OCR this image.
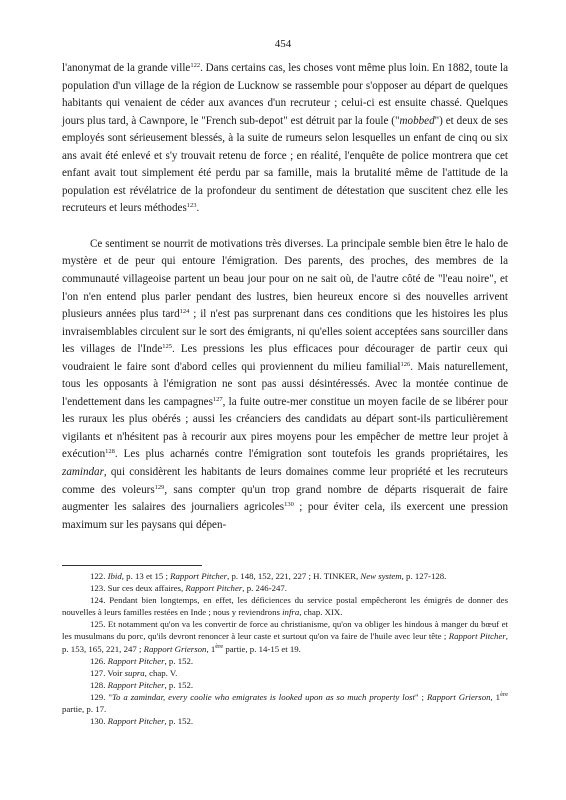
454

l'anonymat de la grande ville$^{122}$. Dans certains cas, les choses vont même plus loin. En 1882, toute la population d'un village de la région de Lucknow se rassemble pour s'opposer au départ de quelques habitants qui venaient de céder aux avances d'un recruteur ; celui-ci est ensuite chassé. Quelques jours plus tard, à Cawnpore, le "French sub-depot" est détruit par la foule ("mobbed") et deux de ses employés sont sérieusement blessés, à la suite de rumeurs selon lesquelles un enfant de cinq ou six ans avait été enlevé et s'y trouvait retenu de force ; en réalité, l'enquête de police montrera que cet enfant avait tout simplement été perdu par sa famille, mais la brutalité même de l'attitude de la population est révélatrice de la profondeur du sentiment de détestation que suscitent chez elle les recruteurs et leurs méthodes$^{123}$.

Ce sentiment se nourrit de motivations très diverses. La principale semble bien être le halo de mystère et de peur qui entoure l'émigration. Des parents, des proches, des membres de la communauté villageoise partent un beau jour pour on ne sait où, de l'autre côté de "l'eau noire", et l'on n'en entend plus parler pendant des lustres, bien heureux encore si des nouvelles arrivent plusieurs années plus tard$^{124}$ ; il n'est pas surprenant dans ces conditions que les histoires les plus invraisemblables circulent sur le sort des émigrants, ni qu'elles soient acceptées sans sourciller dans les villages de l'Inde$^{125}$. Les pressions les plus efficaces pour décourager de partir ceux qui voudraient le faire sont d'abord celles qui proviennent du milieu familial$^{126}$. Mais naturellement, tous les opposants à l'émigration ne sont pas aussi désintéressés. Avec la montée continue de l'endettement dans les campagnes$^{127}$, la fuite outre-mer constitue un moyen facile de se libérer pour les ruraux les plus obérés ; aussi les créanciers des candidats au départ sont-ils particulièrement vigilants et n'hésitent pas à recourir aux pires moyens pour les empêcher de mettre leur projet à exécution$^{128}$. Les plus acharnés contre l'émigration sont toutefois les grands propriétaires, les zamindar, qui considèrent les habitants de leurs domaines comme leur propriété et les recruteurs comme des voleurs$^{129}$, sans compter qu'un trop grand nombre de départs risquerait de faire augmenter les salaires des journaliers agricoles$^{130}$ ; pour éviter cela, ils exercent une pression maximum sur les paysans qui dépen-

122. Ibid, p. 13 et 15 ; Rapport Pitcher, p. 148, 152, 221, 227 ; H. TINKER, New system, p. 127-128.

123. Sur ces deux affaires, Rapport Pitcher, p. 246-247.

124. Pendant bien longtemps, en effet, les déficiences du service postal empêcheront les émigrés de donner des nouvelles à leurs familles restées en Inde ; nous y reviendrons infra, chap. XIX.

125. Et notamment qu'on va les convertir de force au christianisme, qu'on va obliger les hindous à manger du bœuf et les musulmans du porc, qu'ils devront renoncer à leur caste et surtout qu'on va faire de l'huile avec leur tête ; Rapport Pitcher, p. 153, 165, 221, 247 ; Rapport Grierson, 1ère partie, p. 14-15 et 19.

126. Rapport Pitcher, p. 152.

127. Voir supra, chap. V.

128. Rapport Pitcher, p. 152.

129. "To a zamindar, every coolie who emigrates is looked upon as so much property lost" ; Rapport Grierson, 1ère partie, p. 17.

130. Rapport Pitcher, p. 152.
